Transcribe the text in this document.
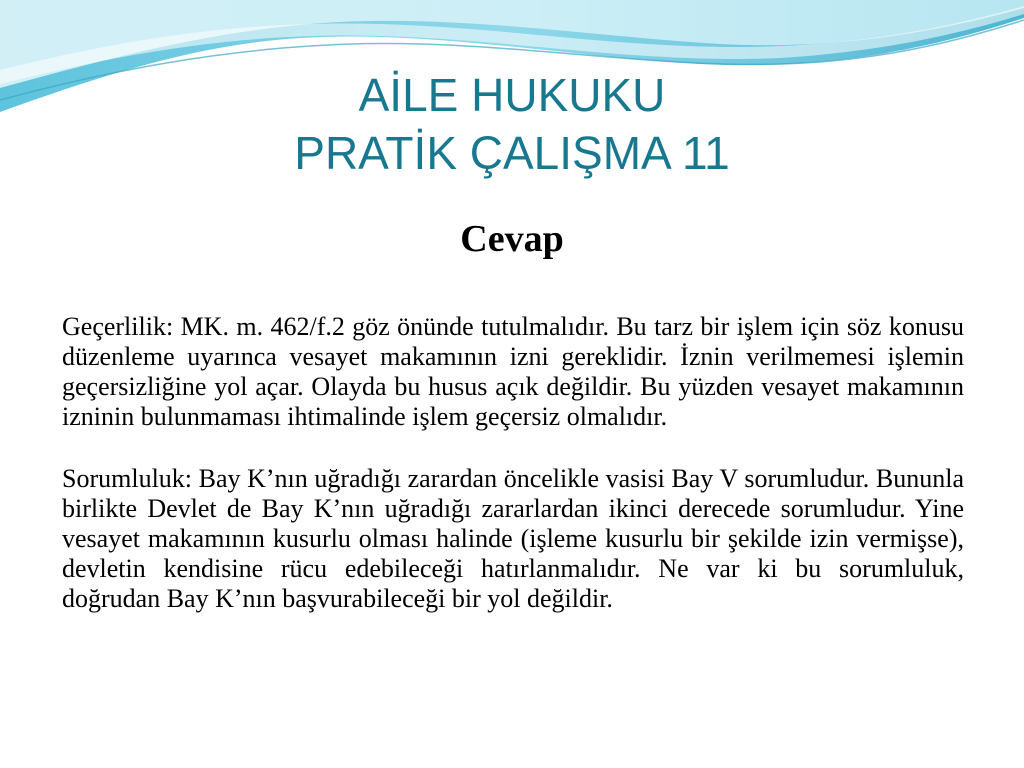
AİLE HUKUKU
PRATİK ÇALIŞMA 11
Cevap

Geçerlilik: MK. m. 462/f.2 göz önünde tutulmalıdır. Bu tarz bir işlem için söz konusu düzenleme uyarınca vesayet makamının izni gereklidir. İznin verilmemesi işlemin geçersizliğine yol açar. Olayda bu husus açık değildir. Bu yüzden vesayet makamının izninin bulunmaması ihtimalinde işlem geçersiz olmalıdır.

Sorumluluk: Bay K’nın uğradığı zarardan öncelikle vasisi Bay V sorumludur. Bununla birlikte Devlet de Bay K’nın uğradığı zararlardan ikinci derecede sorumludur. Yine vesayet makamının kusurlu olması halinde (işleme kusurlu bir şekilde izin vermişse), devletin kendisine rücu edebileceği hatırlanmalıdır. Ne var ki bu sorumluluk, doğrudan Bay K’nın başvurabileceği bir yol değildir.
